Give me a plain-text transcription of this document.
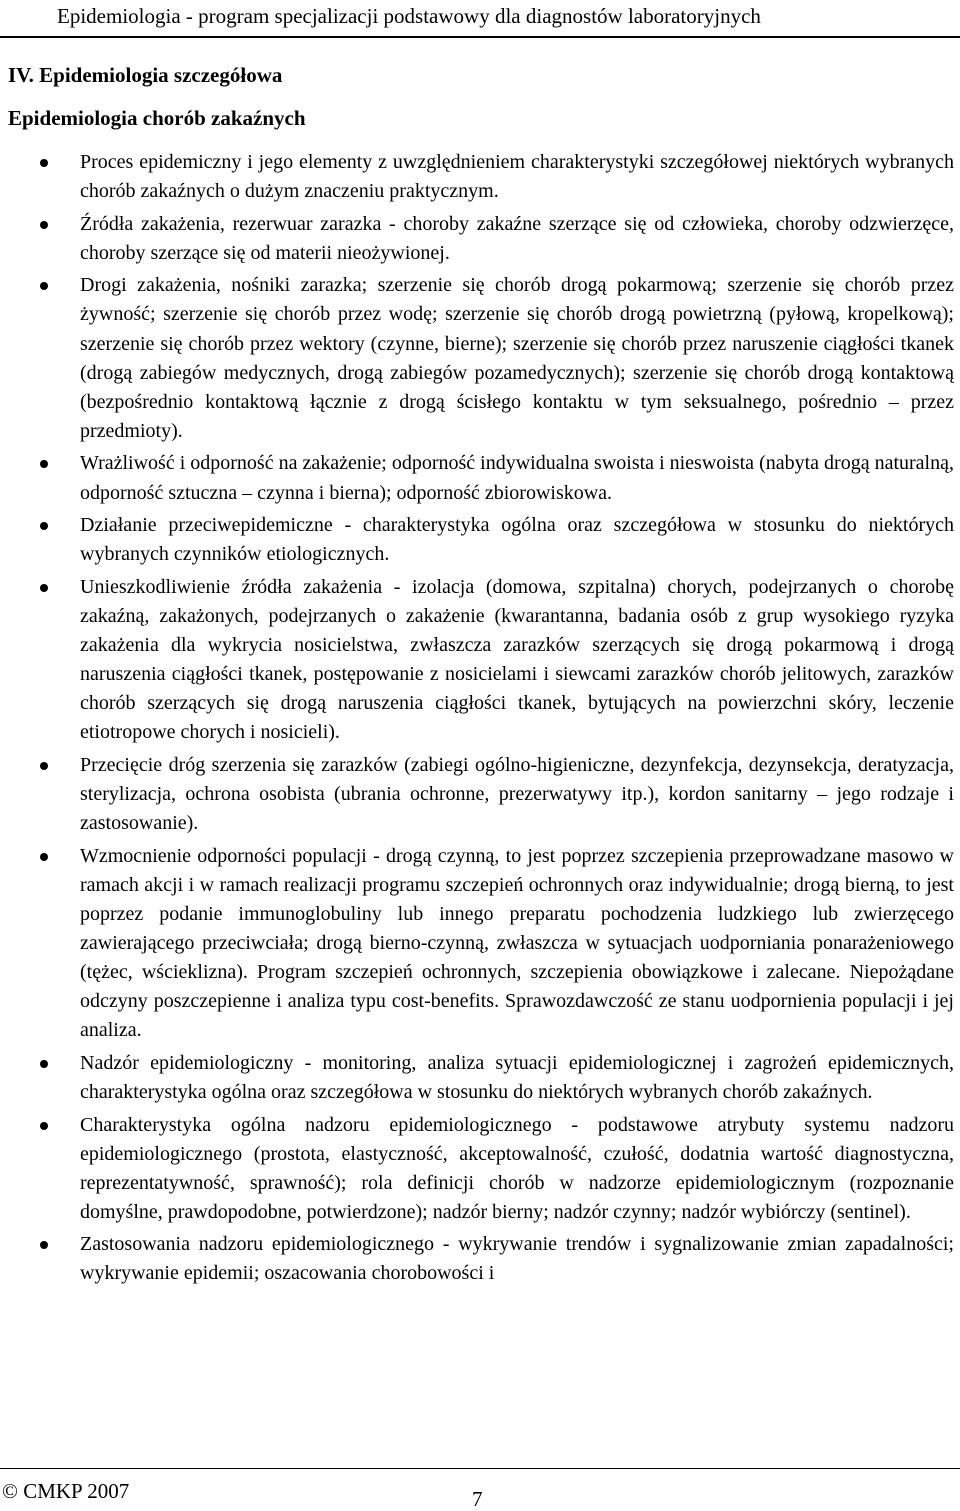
Epidemiologia - program specjalizacji podstawowy dla diagnostów laboratoryjnych
IV. Epidemiologia szczegółowa
Epidemiologia chorób zakaźnych
Proces epidemiczny i jego elementy z uwzględnieniem charakterystyki szczegółowej niektórych wybranych chorób zakaźnych o dużym znaczeniu praktycznym.
Źródła zakażenia, rezerwuar zarazka - choroby zakaźne szerzące się od człowieka, choroby odzwierzęce, choroby szerzące się od materii nieożywionej.
Drogi zakażenia, nośniki zarazka; szerzenie się chorób drogą pokarmową; szerzenie się chorób przez żywność; szerzenie się chorób przez wodę; szerzenie się chorób drogą powietrzną (pyłową, kropelkową); szerzenie się chorób przez wektory (czynne, bierne); szerzenie się chorób przez naruszenie ciągłości tkanek (drogą zabiegów medycznych, drogą zabiegów pozamedycznych); szerzenie się chorób drogą kontaktową (bezpośrednio kontaktową łącznie z drogą ścisłego kontaktu w tym seksualnego, pośrednio – przez przedmioty).
Wrażliwość i odporność na zakażenie; odporność indywidualna swoista i nieswoista (nabyta drogą naturalną, odporność sztuczna – czynna i bierna); odporność zbiorowiskowa.
Działanie przeciwepidemiczne - charakterystyka ogólna oraz szczegółowa w stosunku do niektórych wybranych czynników etiologicznych.
Unieszkodliwienie źródła zakażenia - izolacja (domowa, szpitalna) chorych, podejrzanych o chorobę zakaźną, zakażonych, podejrzanych o zakażenie (kwarantanna, badania osób z grup wysokiego ryzyka zakażenia dla wykrycia nosicielstwa, zwłaszcza zarazków szerzących się drogą pokarmową i drogą naruszenia ciągłości tkanek, postępowanie z nosicielami i siewcami zarazków chorób jelitowych, zarazków chorób szerzących się drogą naruszenia ciągłości tkanek, bytujących na powierzchni skóry, leczenie etiotropowe chorych i nosicieli).
Przecięcie dróg szerzenia się zarazków (zabiegi ogólno-higieniczne, dezynfekcja, dezynsekcja, deratyzacja, sterylizacja, ochrona osobista (ubrania ochronne, prezerwatywy itp.), kordon sanitarny – jego rodzaje i zastosowanie).
Wzmocnienie odporności populacji - drogą czynną, to jest poprzez szczepienia przeprowadzane masowo w ramach akcji i w ramach realizacji programu szczepień ochronnych oraz indywidualnie; drogą bierną, to jest poprzez podanie immunoglobuliny lub innego preparatu pochodzenia ludzkiego lub zwierzęcego zawierającego przeciwciała; drogą bierno-czynną, zwłaszcza w sytuacjach uodporniania ponarażeniowego (tężec, wścieklizna). Program szczepień ochronnych, szczepienia obowiązkowe i zalecane. Niepożądane odczyny poszczepienne i analiza typu cost-benefits. Sprawozdawczość ze stanu uodpornienia populacji i jej analiza.
Nadzór epidemiologiczny - monitoring, analiza sytuacji epidemiologicznej i zagrożeń epidemicznych, charakterystyka ogólna oraz szczegółowa w stosunku do niektórych wybranych chorób zakaźnych.
Charakterystyka ogólna nadzoru epidemiologicznego - podstawowe atrybuty systemu nadzoru epidemiologicznego (prostota, elastyczność, akceptowalność, czułość, dodatnia wartość diagnostyczna, reprezentatywność, sprawność); rola definicji chorób w nadzorze epidemiologicznym (rozpoznanie domyślne, prawdopodobne, potwierdzone); nadzór bierny; nadzór czynny; nadzór wybiórczy (sentinel).
Zastosowania nadzoru epidemiologicznego - wykrywanie trendów i sygnalizowanie zmian zapadalności; wykrywanie epidemii; oszacowania chorobowości i
© CMKP 2007	7
